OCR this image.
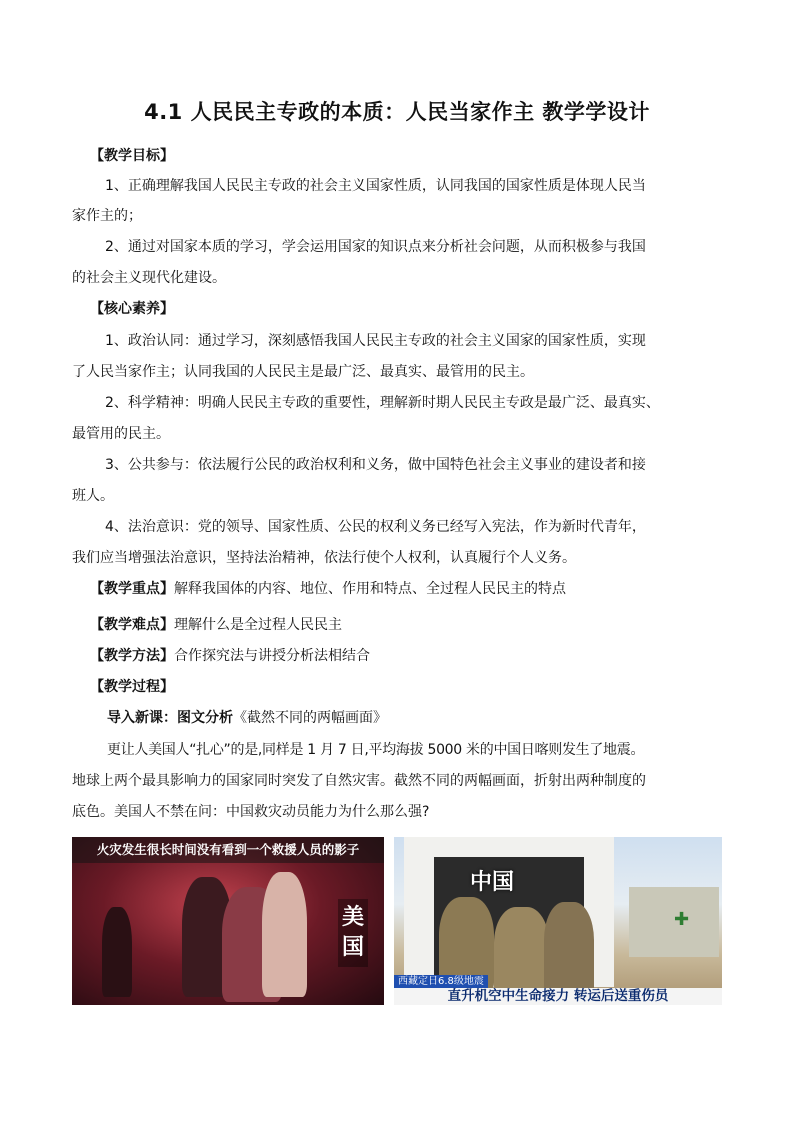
4.1 人民民主专政的本质：人民当家作主 教学学设计
【教学目标】
1、正确理解我国人民民主专政的社会主义国家性质，认同我国的国家性质是体现人民当
家作主的；
2、通过对国家本质的学习，学会运用国家的知识点来分析社会问题，从而积极参与我国
的社会主义现代化建设。
【核心素养】
1、政治认同：通过学习，深刻感悟我国人民民主专政的社会主义国家的国家性质，实现
了人民当家作主；认同我国的人民民主是最广泛、最真实、最管用的民主。
2、科学精神：明确人民民主专政的重要性，理解新时期人民民主专政是最广泛、最真实、
最管用的民主。
3、公共参与：依法履行公民的政治权利和义务，做中国特色社会主义事业的建设者和接
班人。
4、法治意识：党的领导、国家性质、公民的权利义务已经写入宪法，作为新时代青年，
我们应当增强法治意识，坚持法治精神，依法行使个人权利，认真履行个人义务。
【教学重点】解释我国体的内容、地位、作用和特点、全过程人民民主的特点
【教学难点】理解什么是全过程人民民主
【教学方法】合作探究法与讲授分析法相结合
【教学过程】
导入新课：图文分析《截然不同的两幅画面》
更让人美国人“扎心”的是,同样是 1 月 7 日,平均海拔 5000 米的中国日喀则发生了地震。
地球上两个最具影响力的国家同时突发了自然灾害。截然不同的两幅画面，折射出两种制度的
底色。美国人不禁在问：中国救灾动员能力为什么那么强?
火灾发生很长时间没有看到一个救援人员的影子
美国
✚
中国
西藏定日6.8级地震
直升机空中生命接力 转运后送重伤员
